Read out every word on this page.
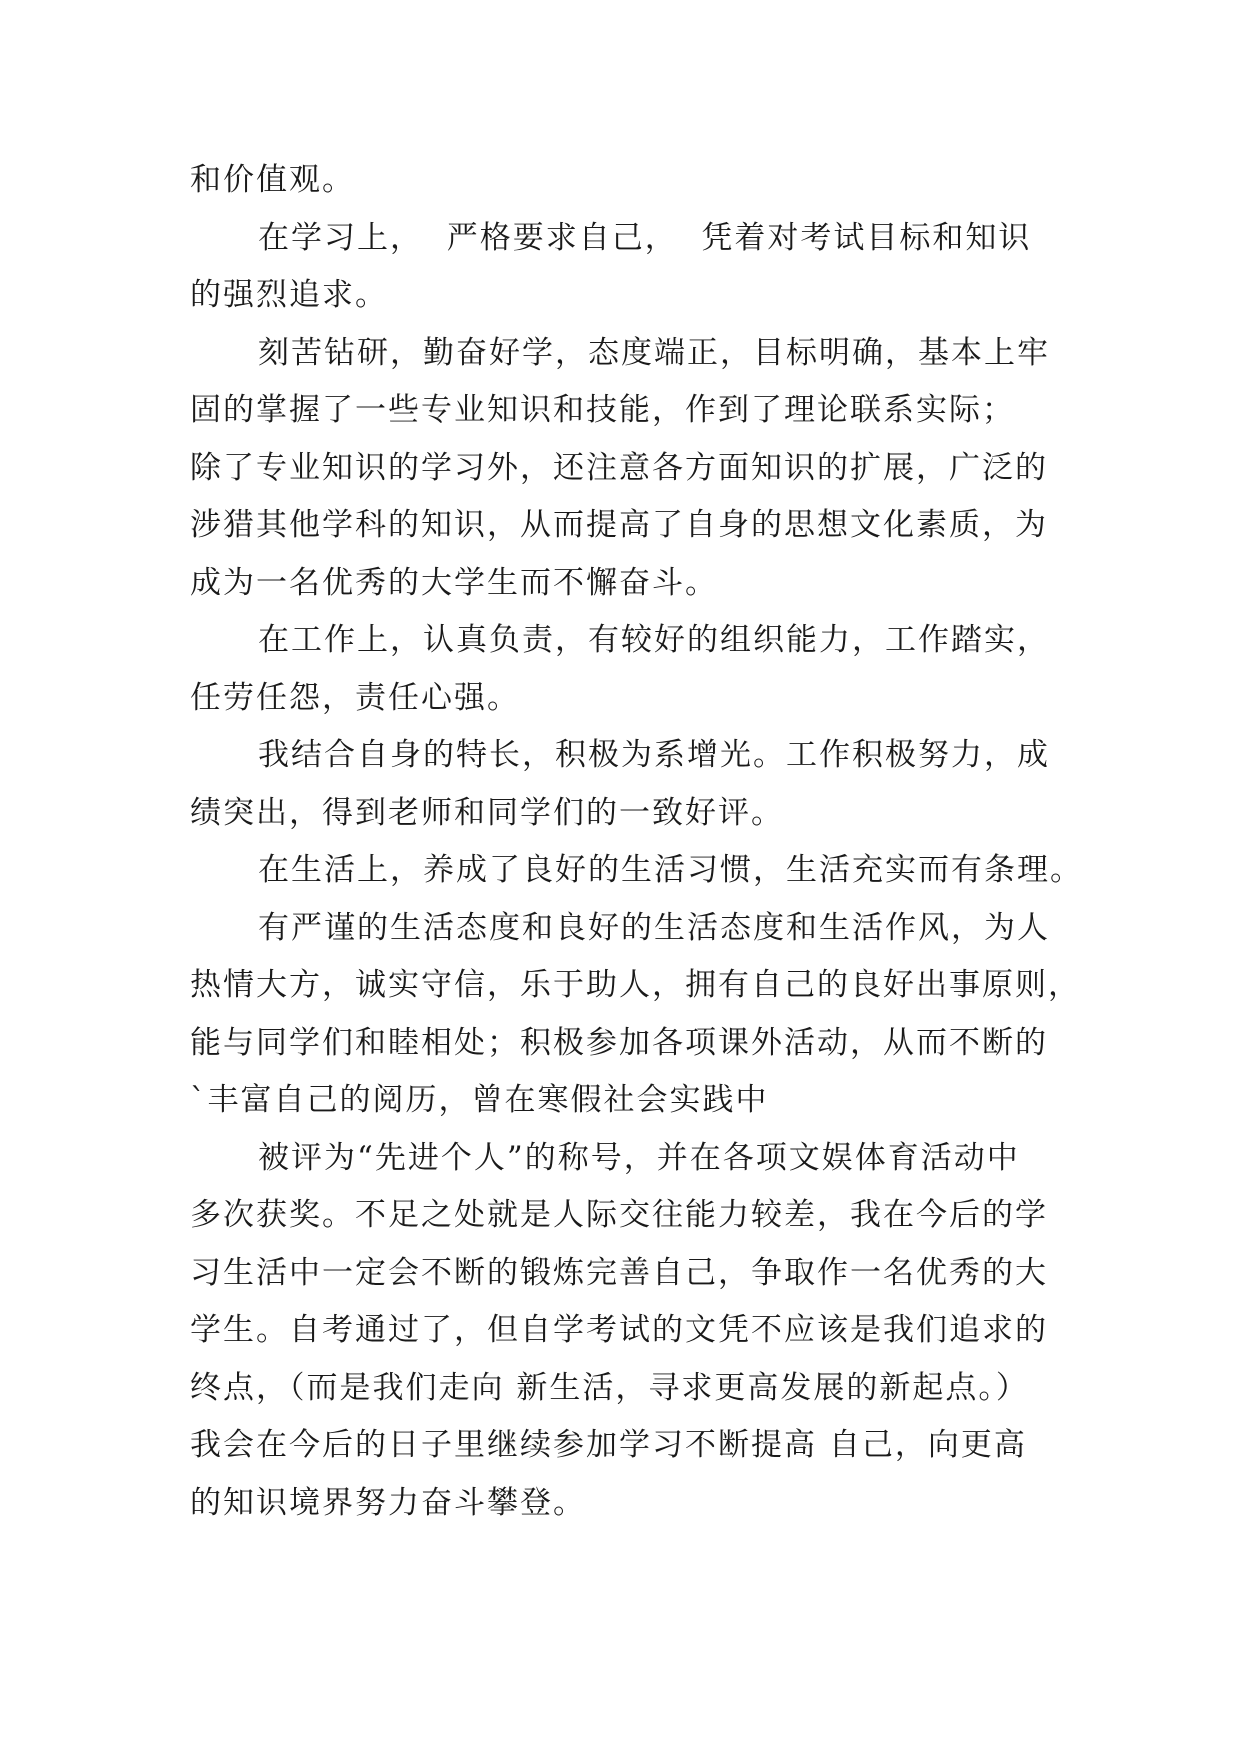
和价值观。
在学习上，  严格要求自己，  凭着对考试目标和知识
的强烈追求。
刻苦钻研，勤奋好学，态度端正，目标明确，基本上牢
固的掌握了一些专业知识和技能，作到了理论联系实际；
除了专业知识的学习外，还注意各方面知识的扩展，广泛的
涉猎其他学科的知识，从而提高了自身的思想文化素质，为
成为一名优秀的大学生而不懈奋斗。
在工作上，认真负责，有较好的组织能力，工作踏实，
任劳任怨，责任心强。
我结合自身的特长，积极为系增光。工作积极努力，成
绩突出，得到老师和同学们的一致好评。
在生活上，养成了良好的生活习惯，生活充实而有条理。
有严谨的生活态度和良好的生活态度和生活作风，为人
热情大方，诚实守信，乐于助人，拥有自己的良好出事原则，
能与同学们和睦相处；积极参加各项课外活动，从而不断的
`丰富自己的阅历，曾在寒假社会实践中
被评为“先进个人”的称号，并在各项文娱体育活动中
多次获奖。不足之处就是人际交往能力较差，我在今后的学
习生活中一定会不断的锻炼完善自己，争取作一名优秀的大
学生。自考通过了，但自学考试的文凭不应该是我们追求的
终点，（而是我们走向 新生活，寻求更高发展的新起点。）
我会在今后的日子里继续参加学习不断提高 自己，向更高
的知识境界努力奋斗攀登。
